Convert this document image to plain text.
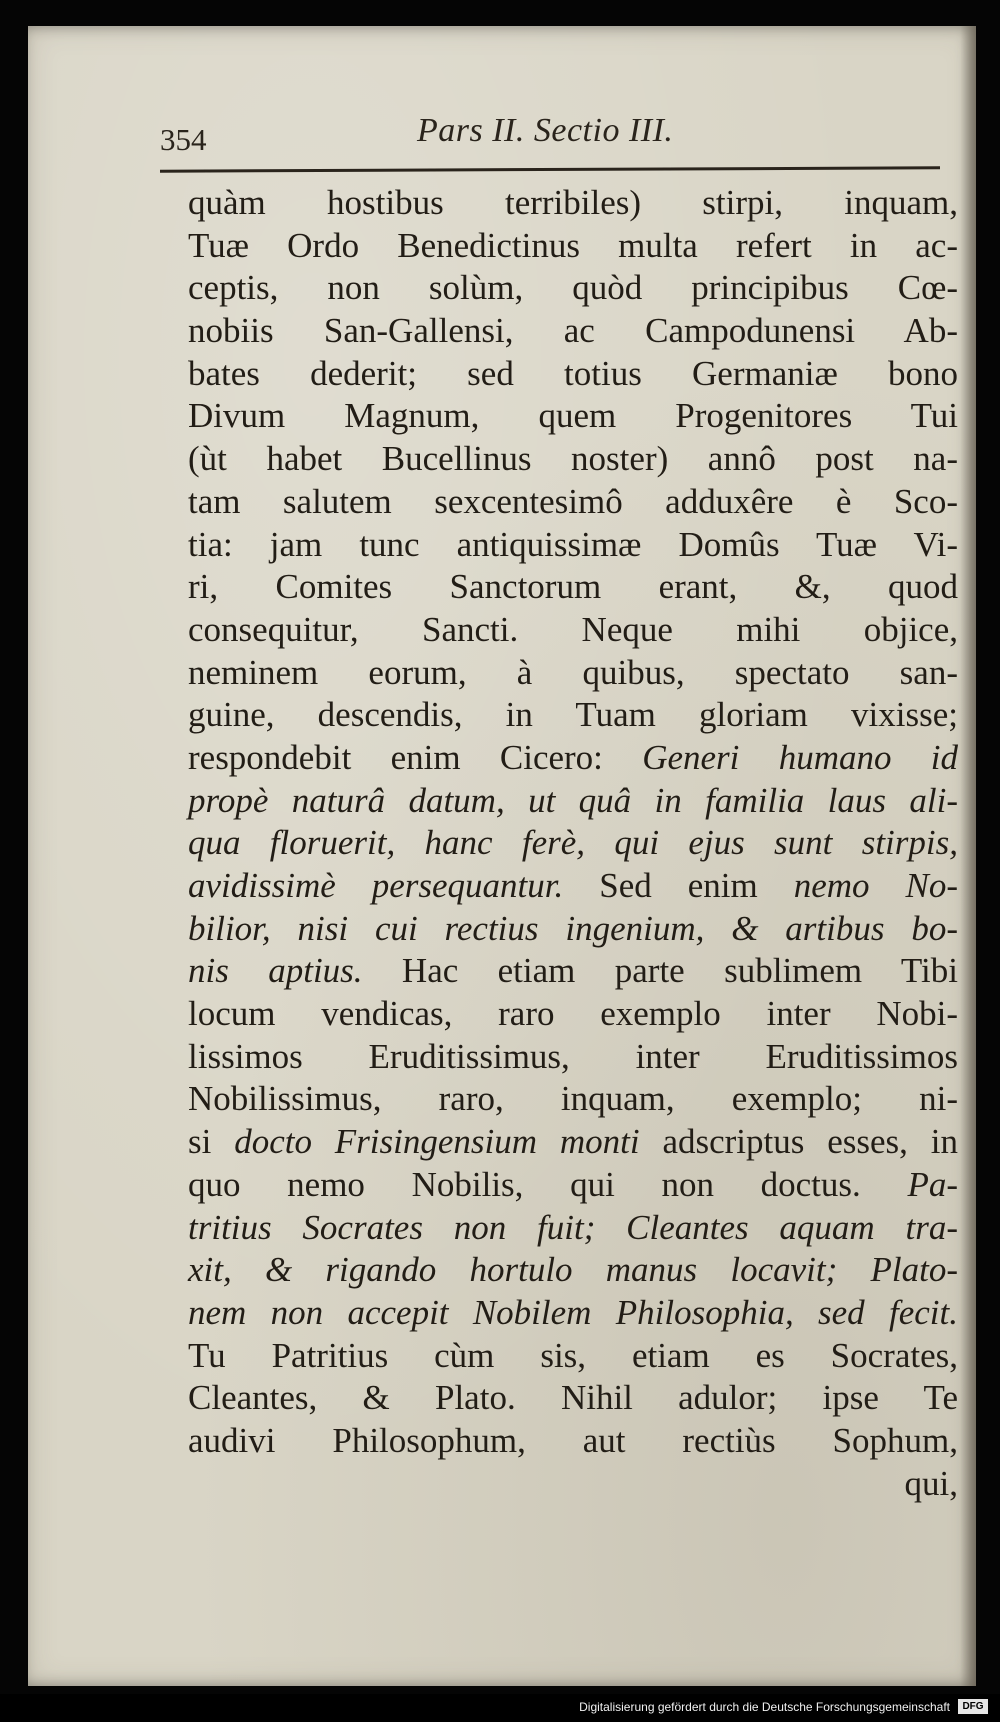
354	Pars II. Sectio III.
quàm hostibus terribiles) stirpi, inquam,
Tuæ Ordo Benedictinus multa refert in ac-
ceptis, non solùm, quòd principibus Cœ-
nobiis San-Gallensi, ac Campodunensi Ab-
bates dederit; sed totius Germaniæ bono
Divum Magnum, quem Progenitores Tui
(ùt habet Bucellinus noster) annô post na-
tam salutem sexcentesimô adduxêre è Sco-
tia: jam tunc antiquissimæ Domûs Tuæ Vi-
ri, Comites Sanctorum erant, &, quod
consequitur, Sancti. Neque mihi objice,
neminem eorum, à quibus, spectato san-
guine, descendis, in Tuam gloriam vixisse;
respondebit enim Cicero: Generi humano id
propè naturâ datum, ut quâ in familia laus ali-
qua floruerit, hanc ferè, qui ejus sunt stirpis,
avidissimè persequantur. Sed enim nemo No-
bilior, nisi cui rectius ingenium, & artibus bo-
nis aptius. Hac etiam parte sublimem Tibi
locum vendicas, raro exemplo inter Nobi-
lissimos Eruditissimus, inter Eruditissimos
Nobilissimus, raro, inquam, exemplo; ni-
si docto Frisingensium monti adscriptus esses, in
quo nemo Nobilis, qui non doctus. Pa-
tritius Socrates non fuit; Cleantes aquam tra-
xit, & rigando hortulo manus locavit; Plato-
nem non accepit Nobilem Philosophia, sed fecit.
Tu Patritius cùm sis, etiam es Socrates,
Cleantes, & Plato. Nihil adulor; ipse Te
audivi Philosophum, aut rectiùs Sophum,
qui,
Digitalisierung gefördert durch die Deutsche Forschungsgemeinschaft	DFG
